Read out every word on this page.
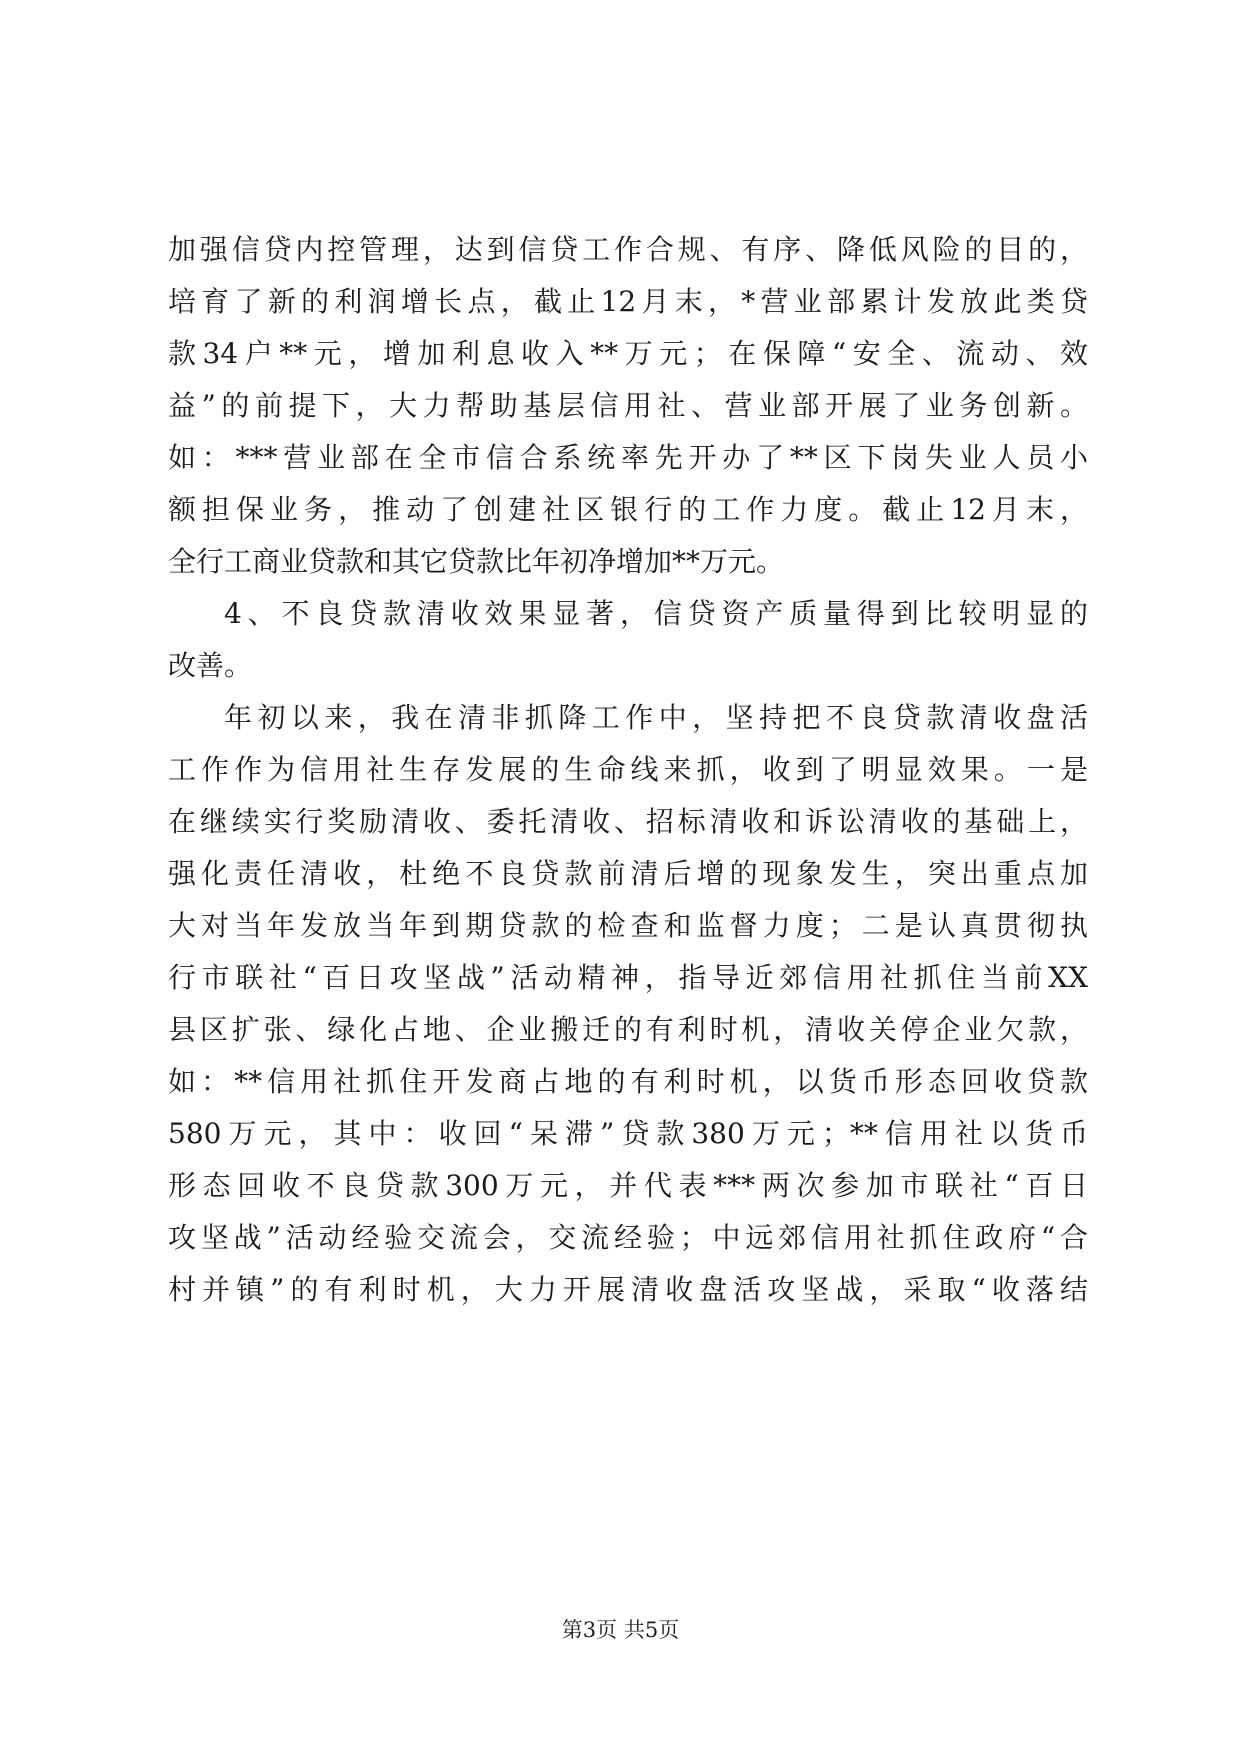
加强信贷内控管理，达到信贷工作合规、有序、降低风险的目的，
培育了新的利润增长点，截止12月末，*营业部累计发放此类贷
款34户**元，增加利息收入**万元；在保障“安全、流动、效
益”的前提下，大力帮助基层信用社、营业部开展了业务创新。
如：***营业部在全市信合系统率先开办了**区下岗失业人员小
额担保业务，推动了创建社区银行的工作力度。截止12月末，
全行工商业贷款和其它贷款比年初净增加**万元。
4、不良贷款清收效果显著，信贷资产质量得到比较明显的
改善。
年初以来，我在清非抓降工作中，坚持把不良贷款清收盘活
工作作为信用社生存发展的生命线来抓，收到了明显效果。一是
在继续实行奖励清收、委托清收、招标清收和诉讼清收的基础上，
强化责任清收，杜绝不良贷款前清后增的现象发生，突出重点加
大对当年发放当年到期贷款的检查和监督力度；二是认真贯彻执
行市联社“百日攻坚战”活动精神，指导近郊信用社抓住当前XX
县区扩张、绿化占地、企业搬迁的有利时机，清收关停企业欠款，
如：**信用社抓住开发商占地的有利时机，以货币形态回收贷款
580万元，其中：收回“呆滞”贷款380万元；**信用社以货币
形态回收不良贷款300万元，并代表***两次参加市联社“百日
攻坚战”活动经验交流会，交流经验；中远郊信用社抓住政府“合
村并镇”的有利时机，大力开展清收盘活攻坚战，采取“收落结
第3页 共5页
